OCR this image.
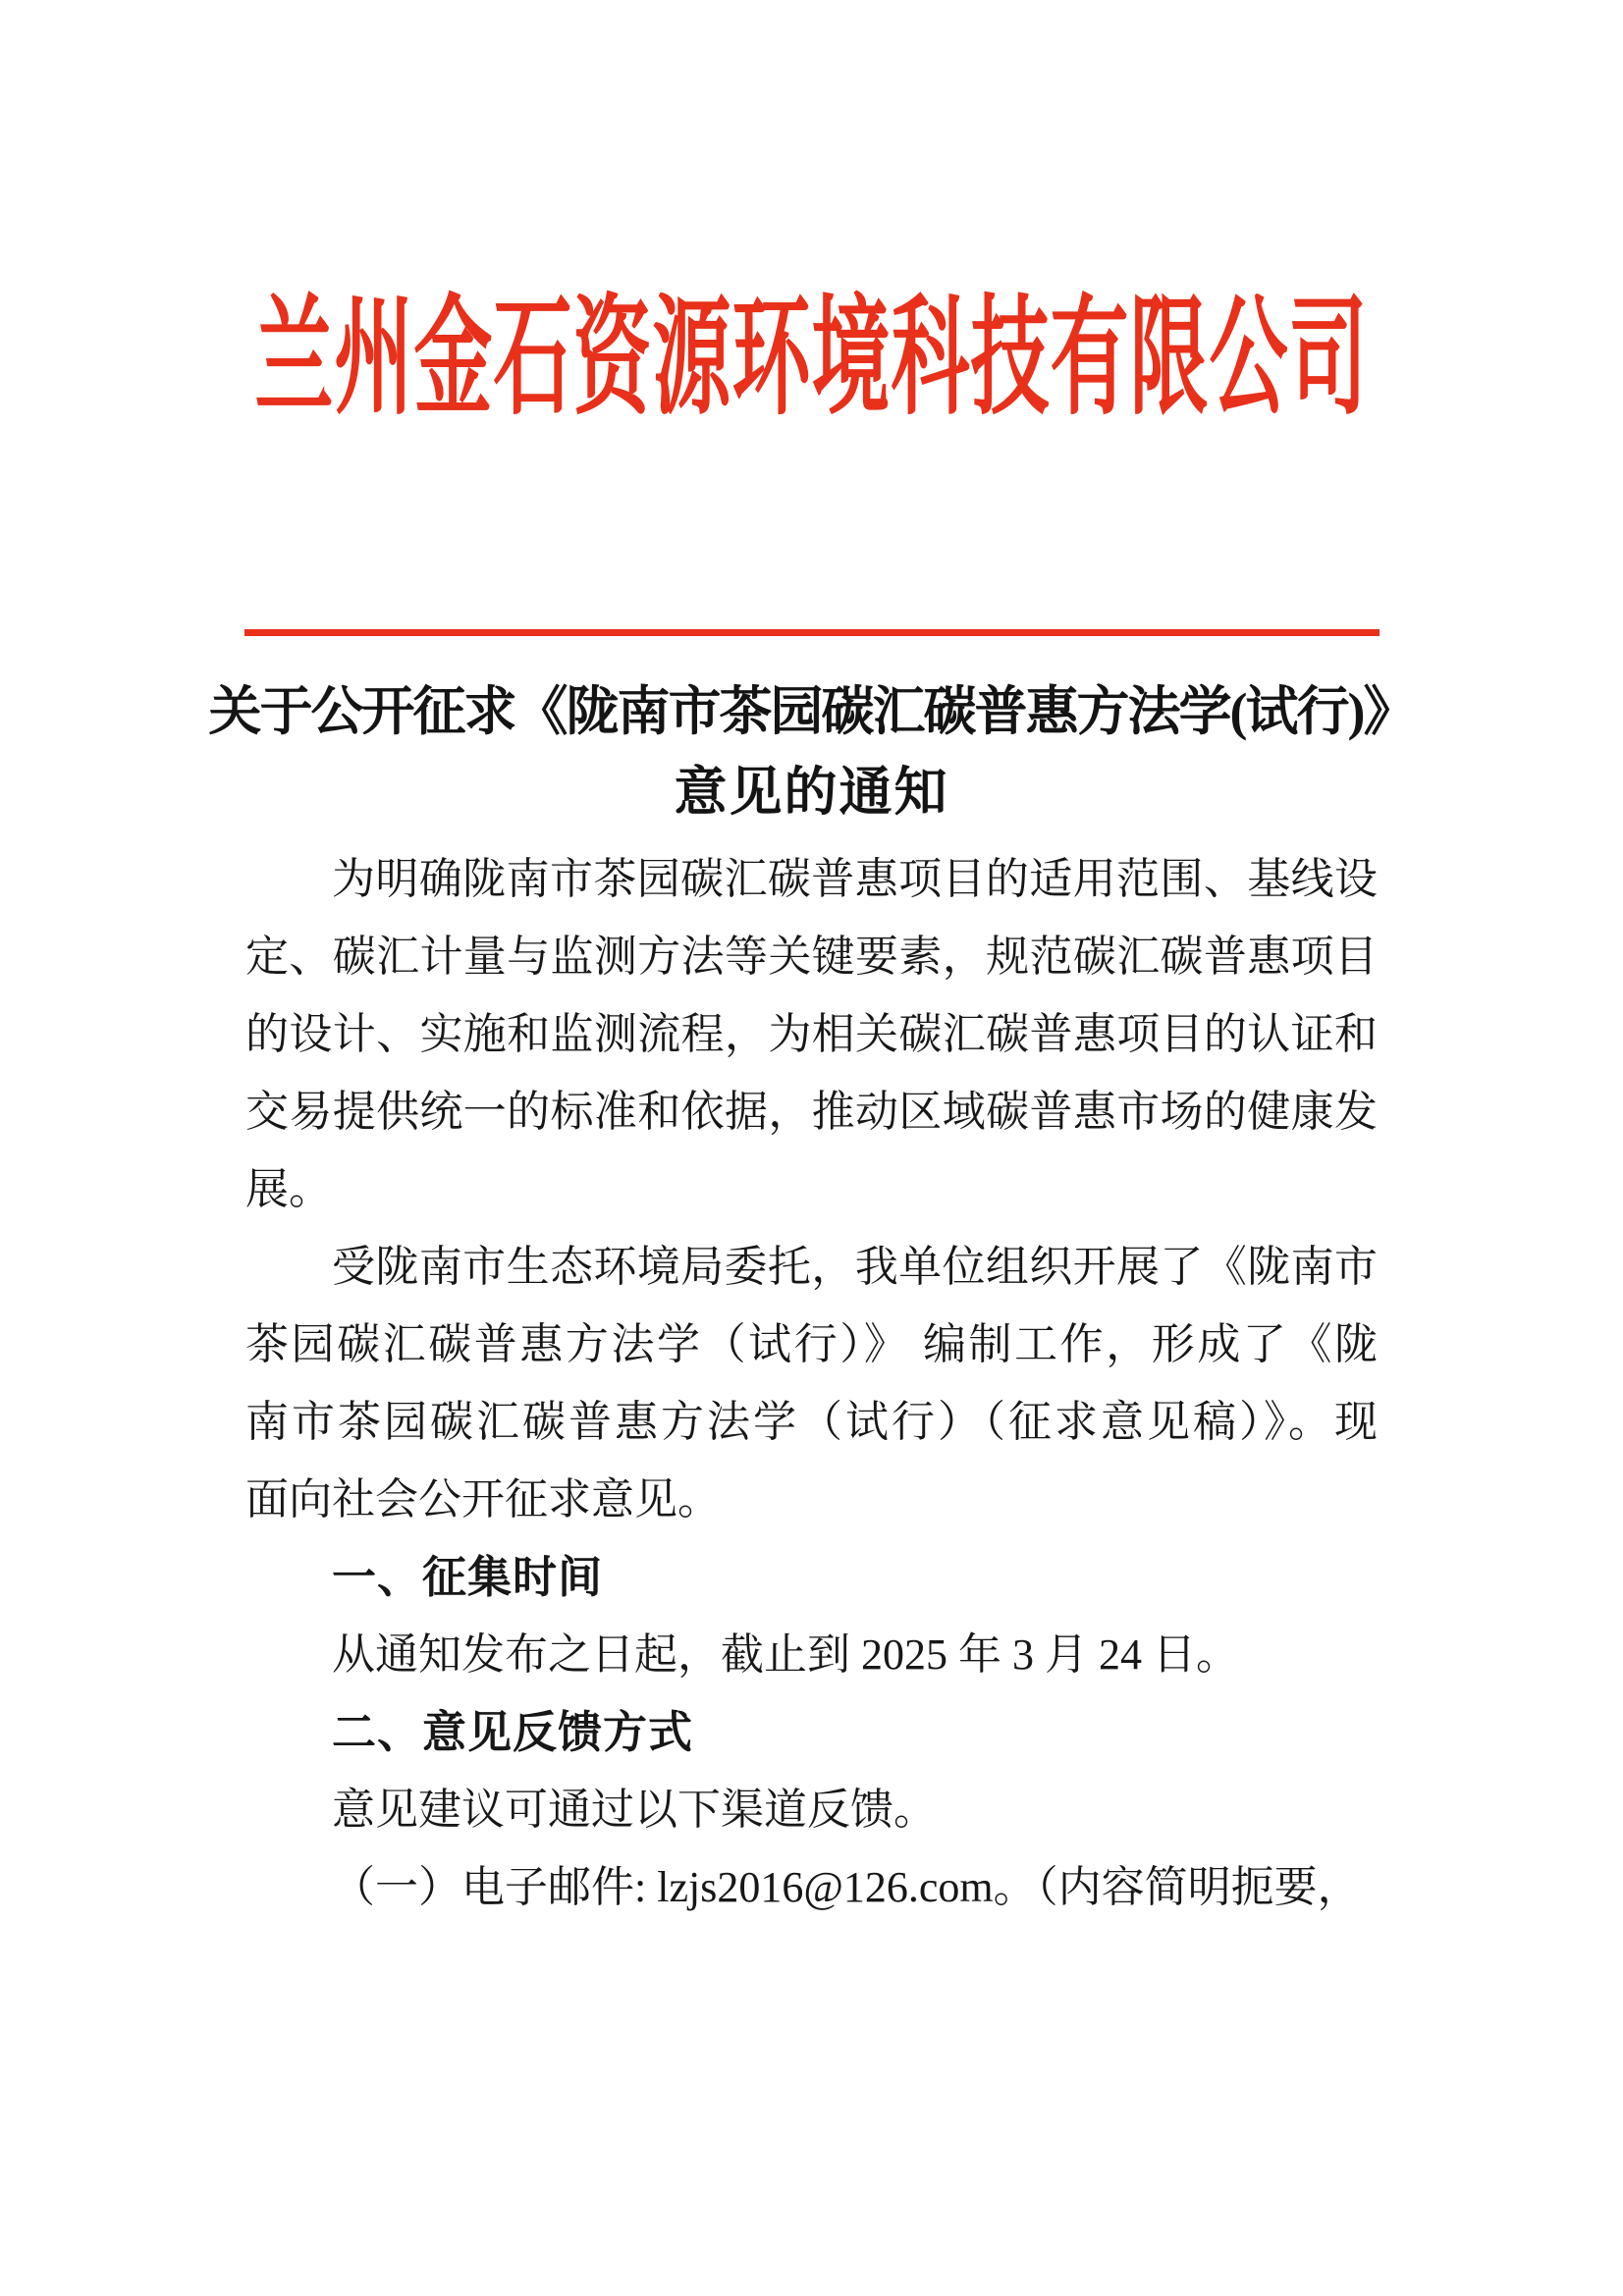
兰州金石资源环境科技有限公司
关于公开征求《陇南市茶园碳汇碳普惠方法学(试行)》
意见的通知
为明确陇南市茶园碳汇碳普惠项目的适用范围、基线设
定、碳汇计量与监测方法等关键要素，规范碳汇碳普惠项目
的设计、实施和监测流程，为相关碳汇碳普惠项目的认证和
交易提供统一的标准和依据，推动区域碳普惠市场的健康发
展。
受陇南市生态环境局委托，我单位组织开展了《陇南市
茶园碳汇碳普惠方法学（试行）》 编制工作，形成了《陇
南市茶园碳汇碳普惠方法学（试行）（征求意见稿）》。现
面向社会公开征求意见。
一、征集时间
从通知发布之日起，截止到 2025 年 3 月 24 日。
二、意见反馈方式
意见建议可通过以下渠道反馈。
（一）电子邮件: lzjs2016@126.com。（内容简明扼要，
